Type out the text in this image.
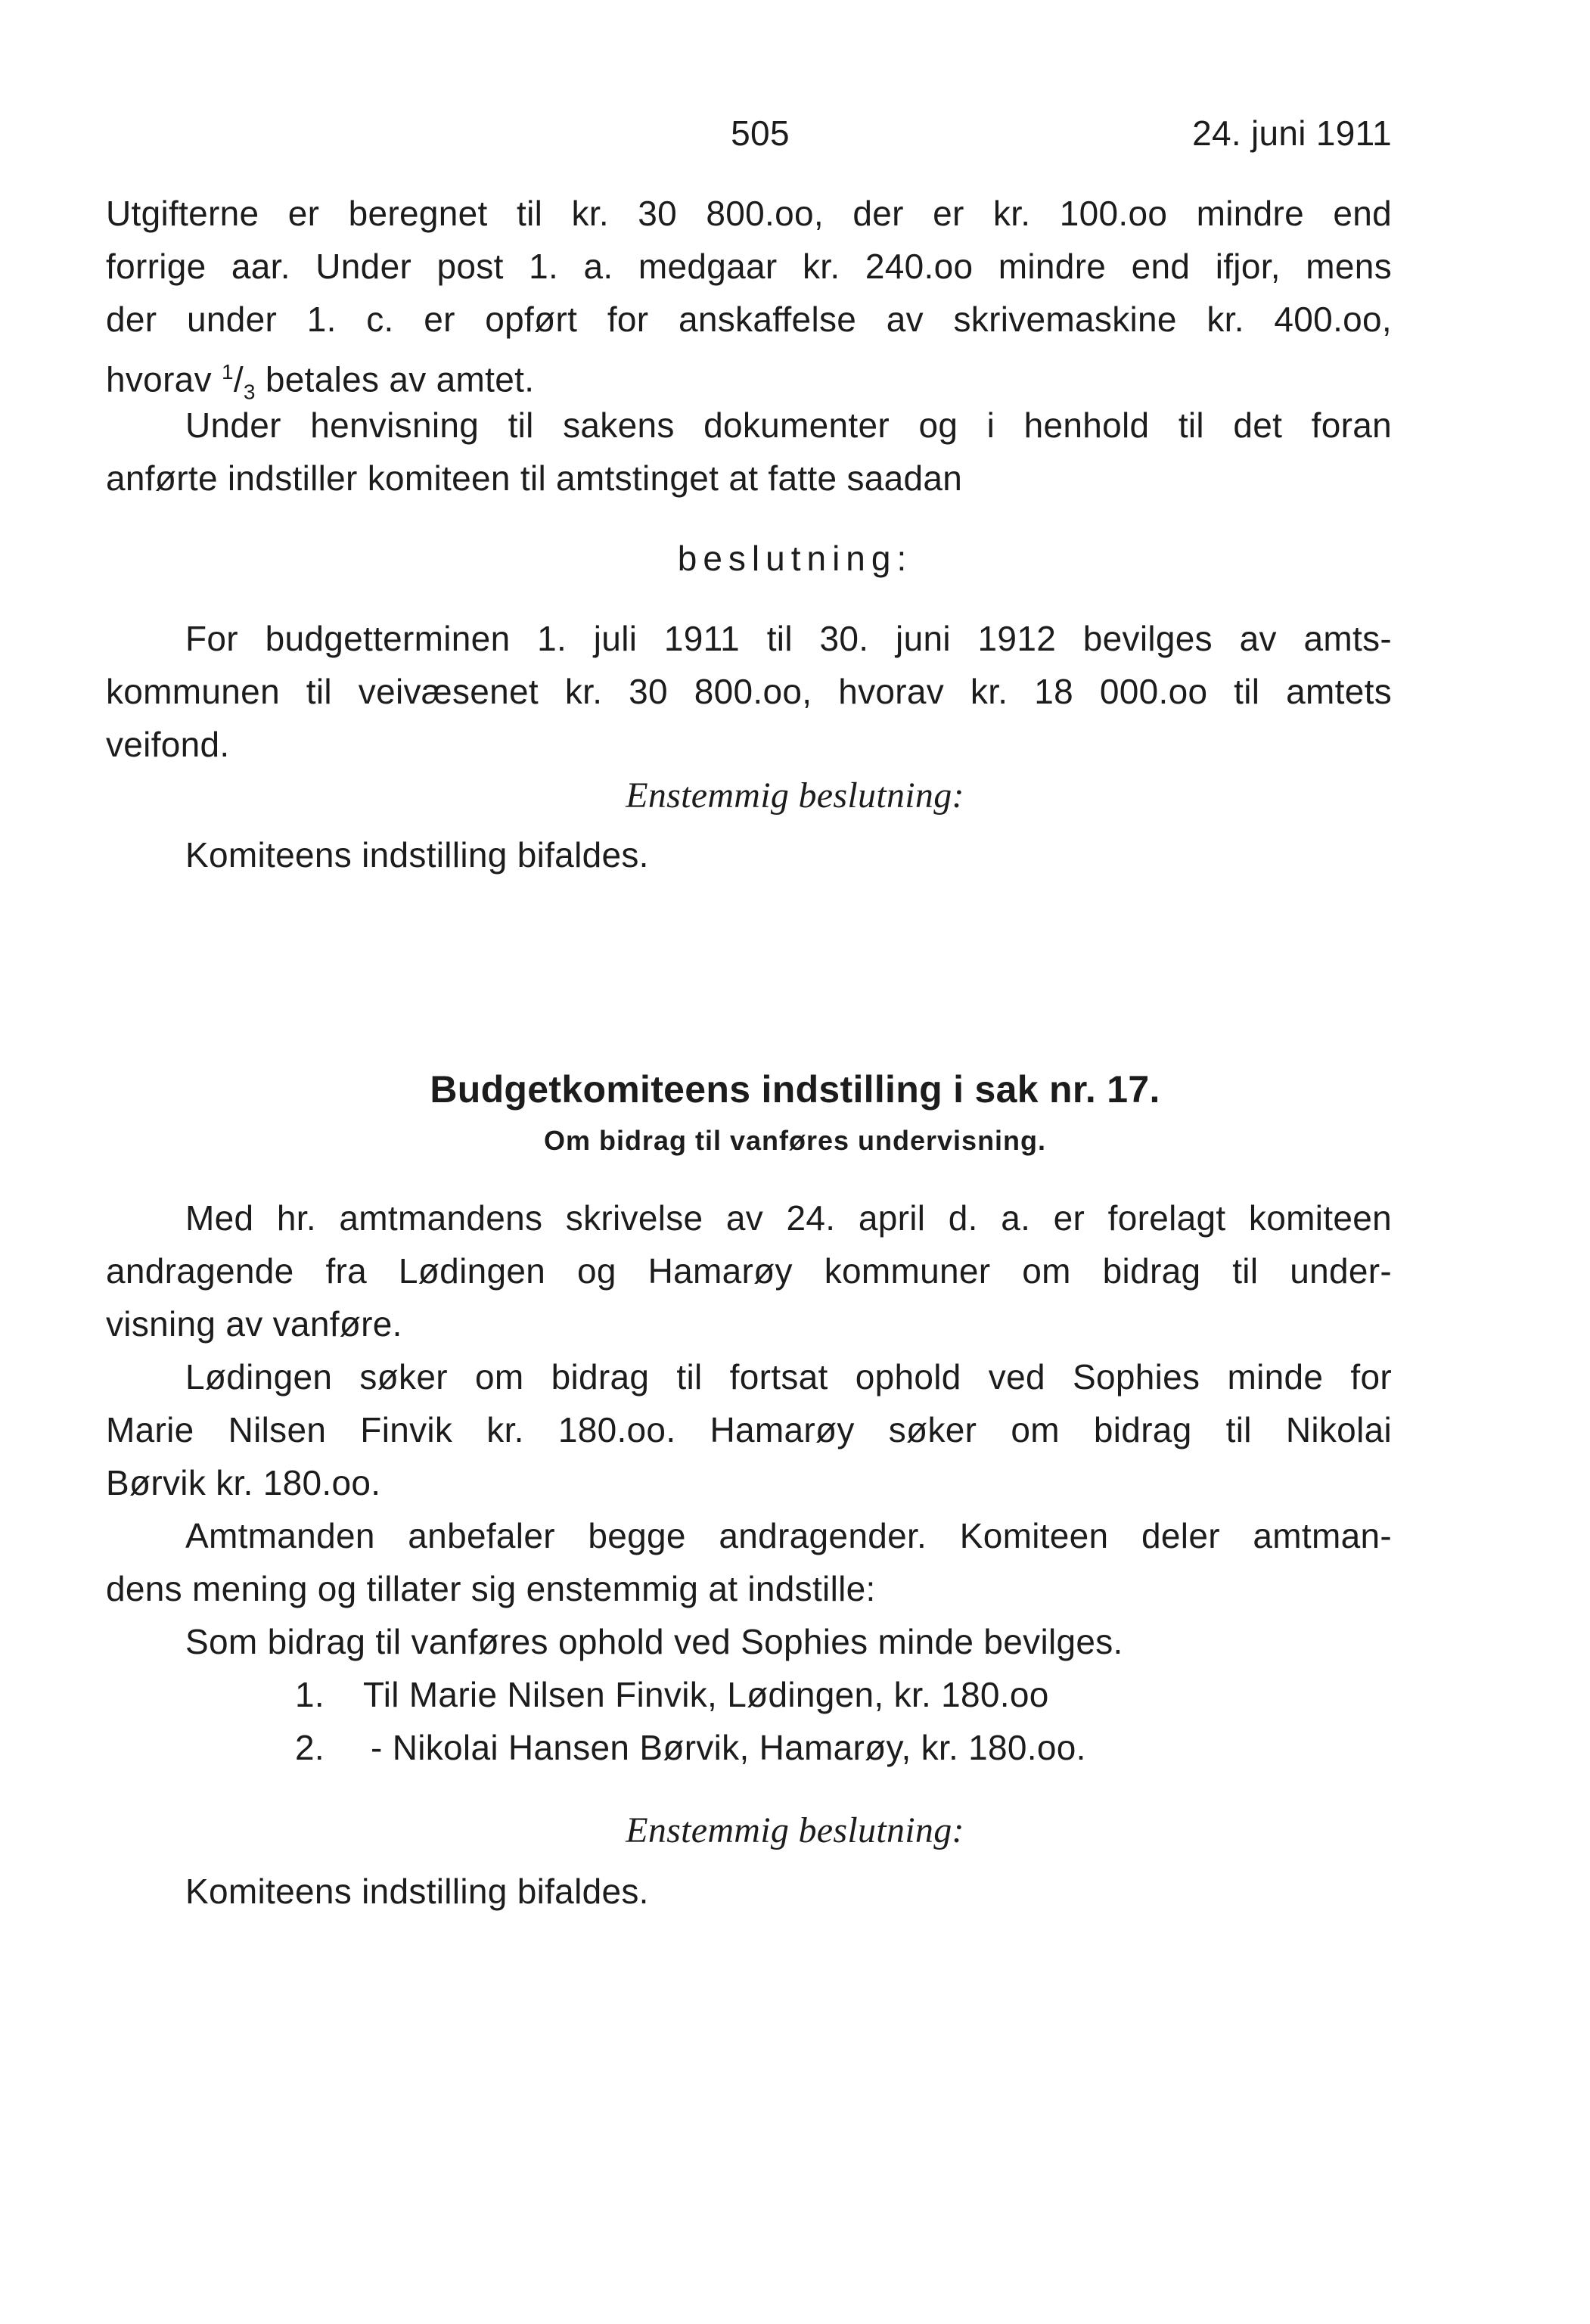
505	24. juni 1911
Utgifterne er beregnet til kr. 30 800.oo, der er kr. 100.oo mindre end
forrige aar. Under post 1. a. medgaar kr. 240.oo mindre end ifjor, mens
der under 1. c. er opført for anskaffelse av skrivemaskine kr. 400.oo,
hvorav $^1/_3$ betales av amtet.
Under henvisning til sakens dokumenter og i henhold til det foran
anførte indstiller komiteen til amtstinget at fatte saadan
beslutning:
For budgetterminen 1. juli 1911 til 30. juni 1912 bevilges av amts-
kommunen til veivæsenet kr. 30 800.oo, hvorav kr. 18 000.oo til amtets
veifond.
Enstemmig beslutning:
Komiteens indstilling bifaldes.
Budgetkomiteens indstilling i sak nr. 17.
Om bidrag til vanføres undervisning.
Med hr. amtmandens skrivelse av 24. april d. a. er forelagt komiteen
andragende fra Lødingen og Hamarøy kommuner om bidrag til under-
visning av vanføre.
Lødingen søker om bidrag til fortsat ophold ved Sophies minde for
Marie Nilsen Finvik kr. 180.oo. Hamarøy søker om bidrag til Nikolai
Børvik kr. 180.oo.
Amtmanden anbefaler begge andragender. Komiteen deler amtman-
dens mening og tillater sig enstemmig at indstille:
Som bidrag til vanføres ophold ved Sophies minde bevilges.
1. Til Marie Nilsen Finvik, Lødingen, kr. 180.oo
2. - Nikolai Hansen Børvik, Hamarøy, kr. 180.oo.
Enstemmig beslutning:
Komiteens indstilling bifaldes.
